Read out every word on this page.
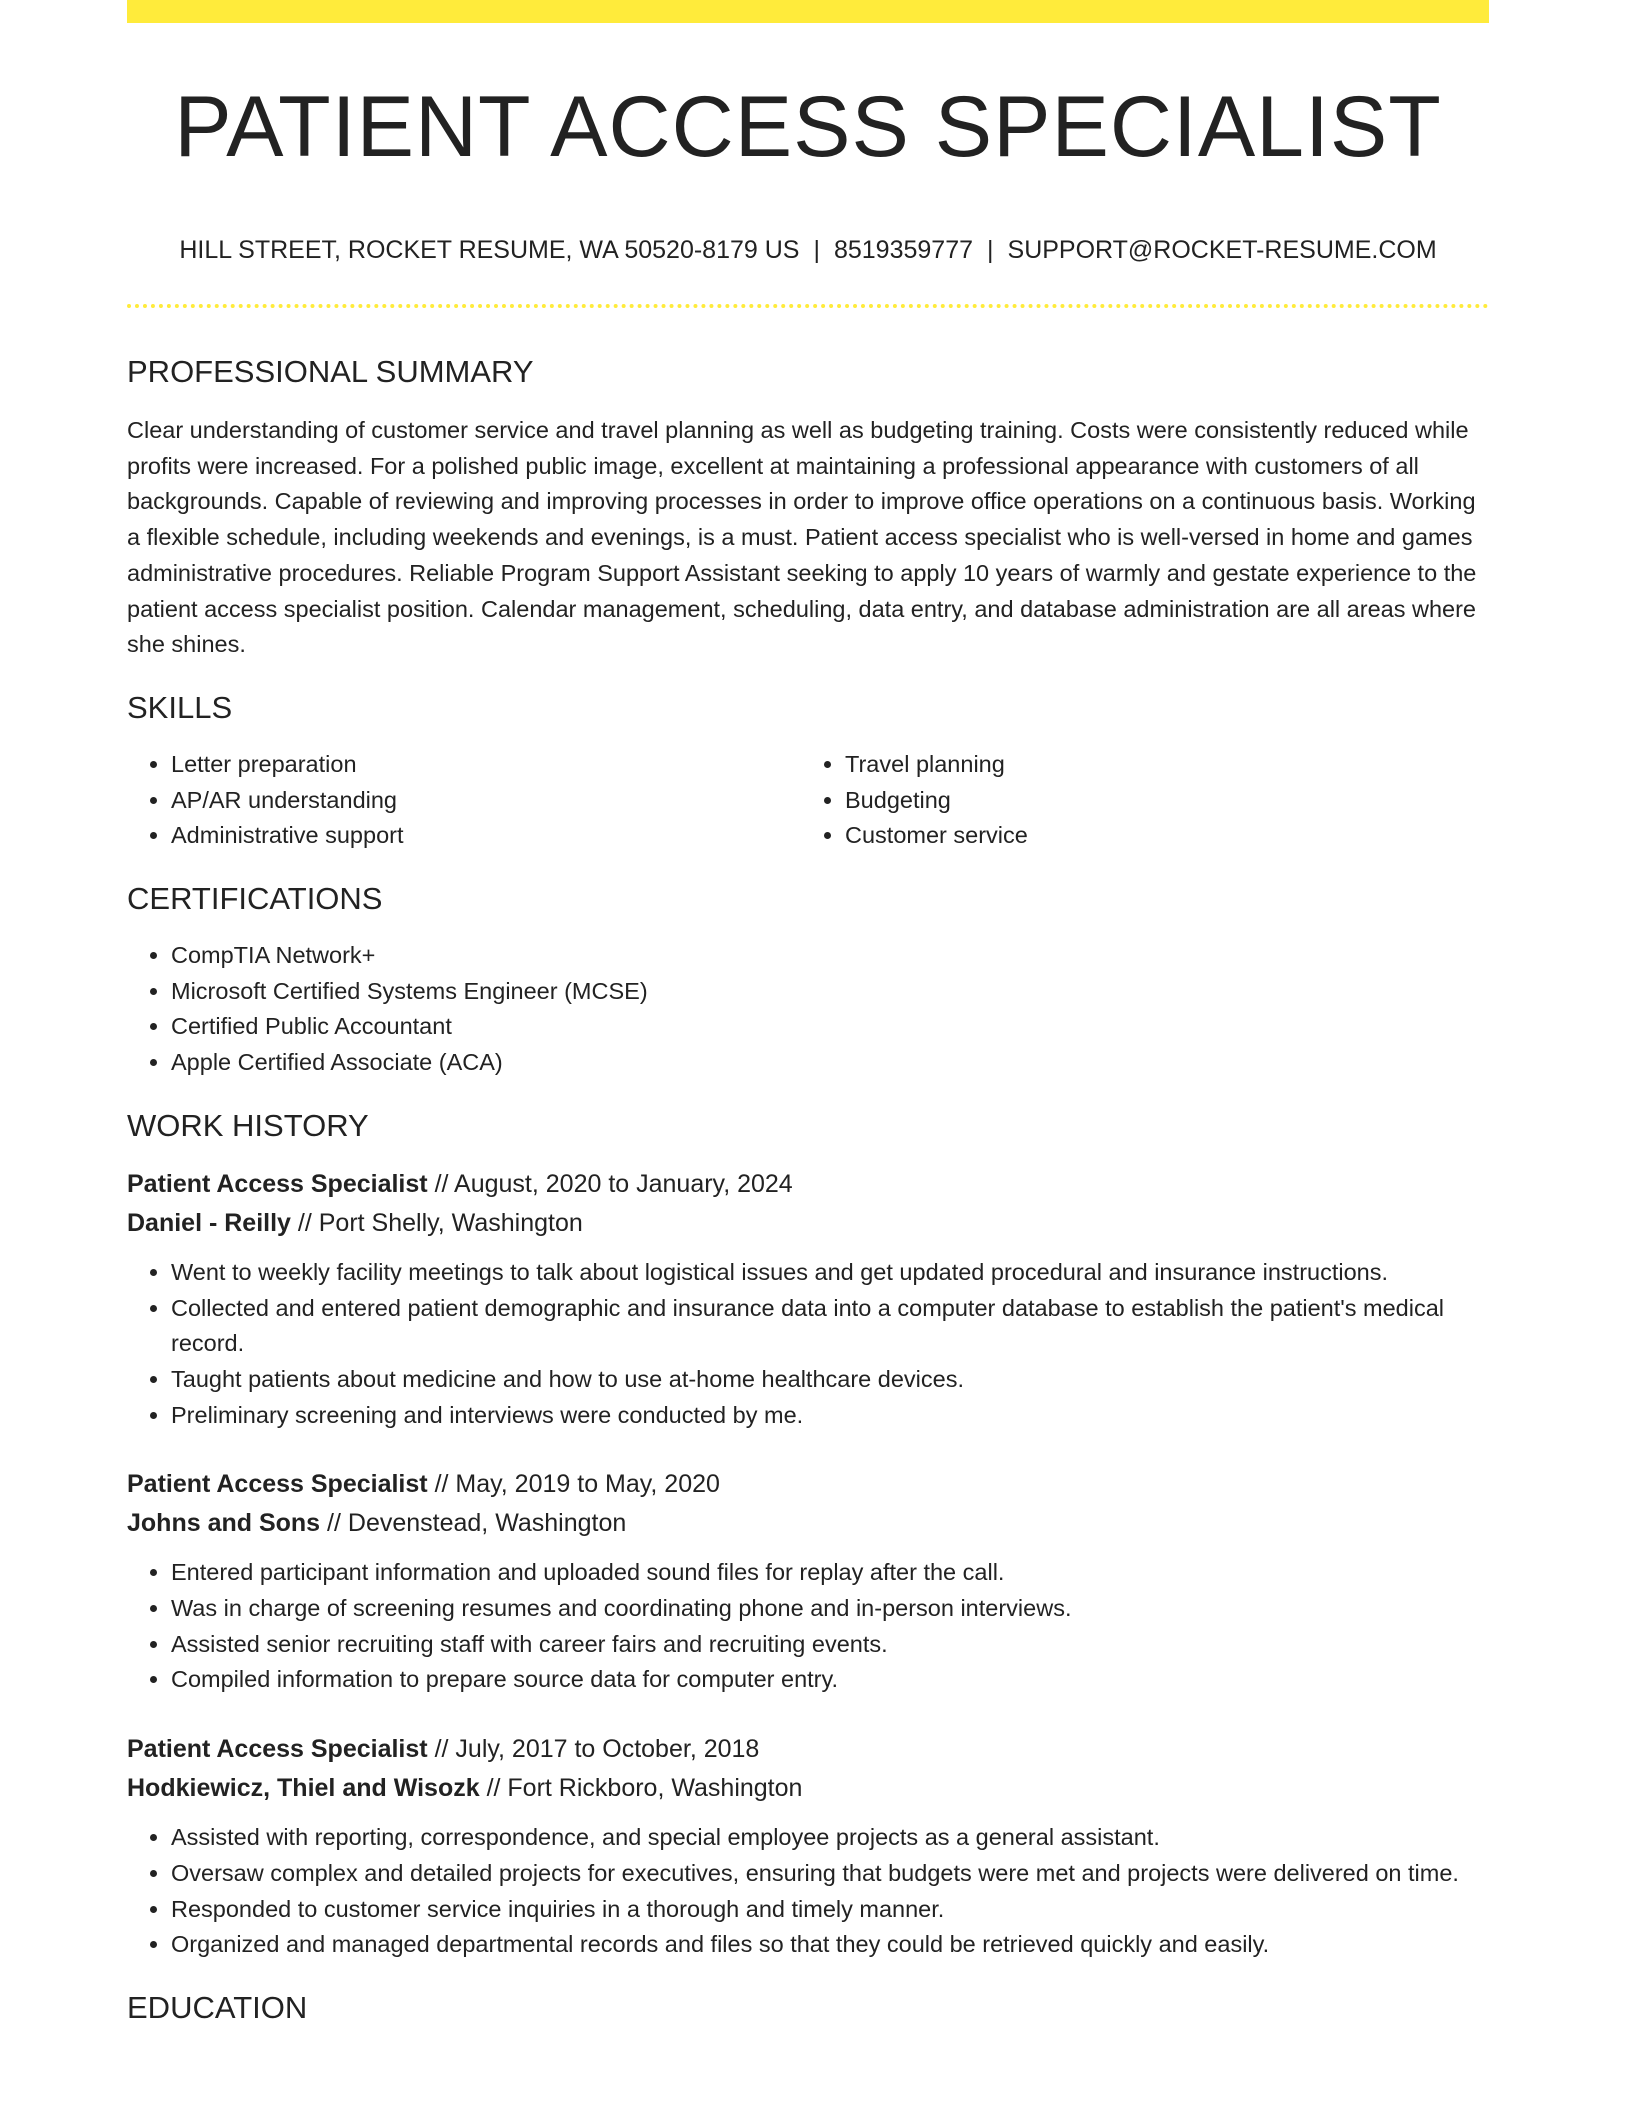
PATIENT ACCESS SPECIALIST
HILL STREET, ROCKET RESUME, WA 50520-8179 US | 8519359777 | SUPPORT@ROCKET-RESUME.COM
PROFESSIONAL SUMMARY

Clear understanding of customer service and travel planning as well as budgeting training. Costs were consistently reduced while profits were increased. For a polished public image, excellent at maintaining a professional appearance with customers of all backgrounds. Capable of reviewing and improving processes in order to improve office operations on a continuous basis. Working a flexible schedule, including weekends and evenings, is a must. Patient access specialist who is well-versed in home and games administrative procedures. Reliable Program Support Assistant seeking to apply 10 years of warmly and gestate experience to the patient access specialist position. Calendar management, scheduling, data entry, and database administration are all areas where she shines.

SKILLS
• Letter preparation
• AP/AR understanding
• Administrative support
• Travel planning
• Budgeting
• Customer service
CERTIFICATIONS
• CompTIA Network+
• Microsoft Certified Systems Engineer (MCSE)
• Certified Public Accountant
• Apple Certified Associate (ACA)
WORK HISTORY
Patient Access Specialist // August, 2020 to January, 2024
Daniel - Reilly // Port Shelly, Washington
• Went to weekly facility meetings to talk about logistical issues and get updated procedural and insurance instructions.
• Collected and entered patient demographic and insurance data into a computer database to establish the patient's medical record.
• Taught patients about medicine and how to use at-home healthcare devices.
• Preliminary screening and interviews were conducted by me.
Patient Access Specialist // May, 2019 to May, 2020
Johns and Sons // Devenstead, Washington
• Entered participant information and uploaded sound files for replay after the call.
• Was in charge of screening resumes and coordinating phone and in-person interviews.
• Assisted senior recruiting staff with career fairs and recruiting events.
• Compiled information to prepare source data for computer entry.
Patient Access Specialist // July, 2017 to October, 2018
Hodkiewicz, Thiel and Wisozk // Fort Rickboro, Washington
• Assisted with reporting, correspondence, and special employee projects as a general assistant.
• Oversaw complex and detailed projects for executives, ensuring that budgets were met and projects were delivered on time.
• Responded to customer service inquiries in a thorough and timely manner.
• Organized and managed departmental records and files so that they could be retrieved quickly and easily.
EDUCATION
